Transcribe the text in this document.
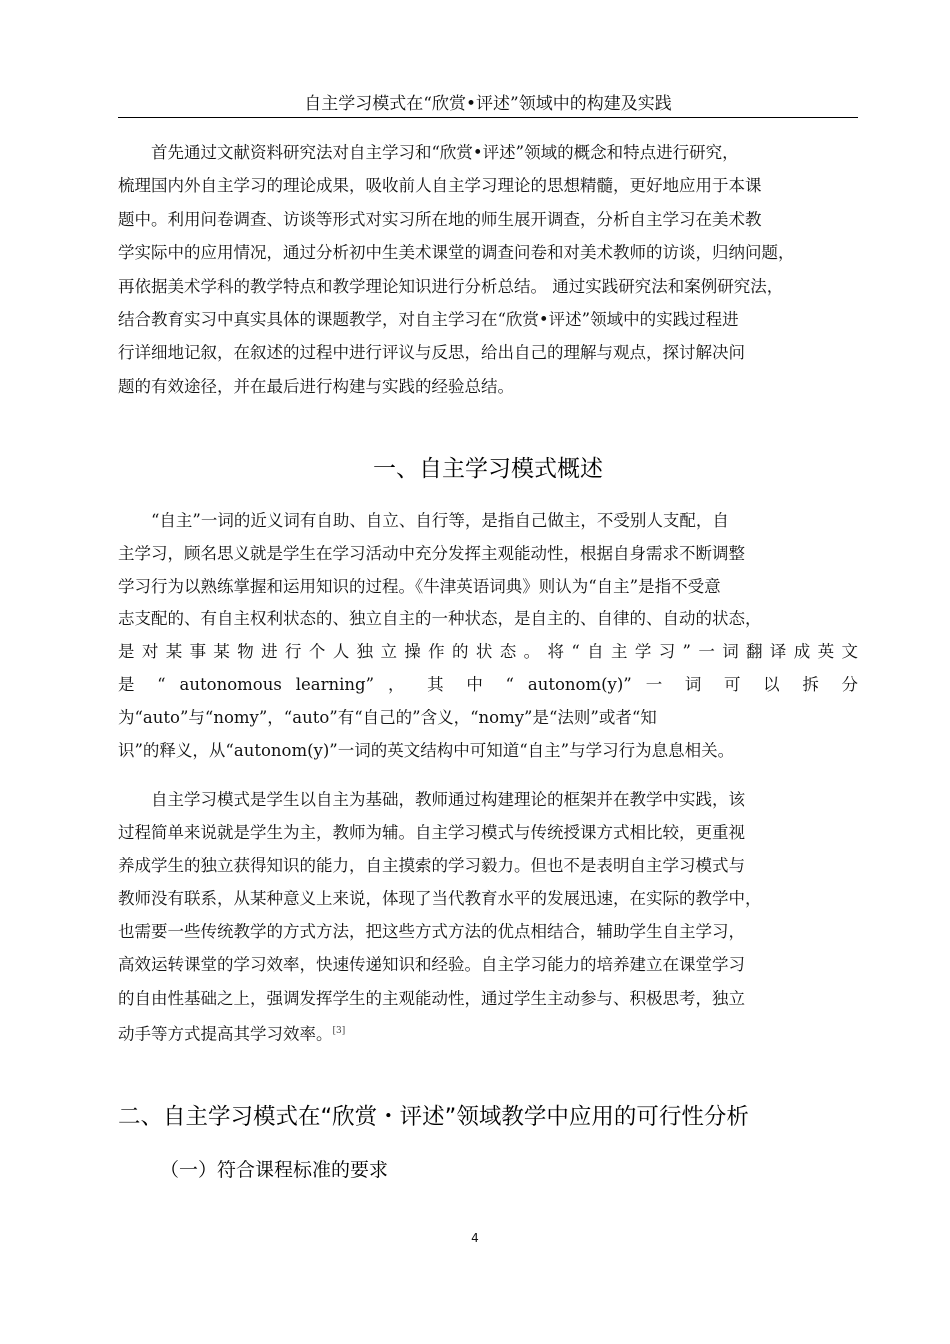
自主学习模式在“欣赏•评述”领域中的构建及实践
首先通过文献资料研究法对自主学习和“欣赏•评述”领域的概念和特点进行研究，
梳理国内外自主学习的理论成果，吸收前人自主学习理论的思想精髓，更好地应用于本课
题中。利用问卷调查、访谈等形式对实习所在地的师生展开调查，分析自主学习在美术教
学实际中的应用情况，通过分析初中生美术课堂的调查问卷和对美术教师的访谈，归纳问题，
再依据美术学科的教学特点和教学理论知识进行分析总结。 通过实践研究法和案例研究法，
结合教育实习中真实具体的课题教学，对自主学习在“欣赏•评述”领域中的实践过程进
行详细地记叙，在叙述的过程中进行评议与反思，给出自己的理解与观点，探讨解决问
题的有效途径，并在最后进行构建与实践的经验总结。
一、自主学习模式概述
“自主”一词的近义词有自助、自立、自行等，是指自己做主，不受别人支配，自
主学习，顾名思义就是学生在学习活动中充分发挥主观能动性，根据自身需求不断调整
学习行为以熟练掌握和运用知识的过程。《牛津英语词典》则认为“自主”是指不受意
志支配的、有自主权利状态的、独立自主的一种状态，是自主的、自律的、自动的状态，
是对某事某物进行个人独立操作的状态。将“自主学习”一词翻译成英文
是 “ autonomous learning” ， 其 中 “ autonom(y)” 一 词 可 以 拆 分
为“auto”与“nomy”，“auto”有“自己的”含义，“nomy”是“法则”或者“知
识”的释义，从“autonom(y)”一词的英文结构中可知道“自主”与学习行为息息相关。
自主学习模式是学生以自主为基础，教师通过构建理论的框架并在教学中实践，该
过程简单来说就是学生为主，教师为辅。自主学习模式与传统授课方式相比较，更重视
养成学生的独立获得知识的能力，自主摸索的学习毅力。但也不是表明自主学习模式与
教师没有联系，从某种意义上来说，体现了当代教育水平的发展迅速，在实际的教学中，
也需要一些传统教学的方式方法，把这些方式方法的优点相结合，辅助学生自主学习，
高效运转课堂的学习效率，快速传递知识和经验。自主学习能力的培养建立在课堂学习
的自由性基础之上，强调发挥学生的主观能动性，通过学生主动参与、积极思考，独立
动手等方式提高其学习效率。[3]
二、自主学习模式在“欣赏・评述”领域教学中应用的可行性分析
（一）符合课程标准的要求
4
